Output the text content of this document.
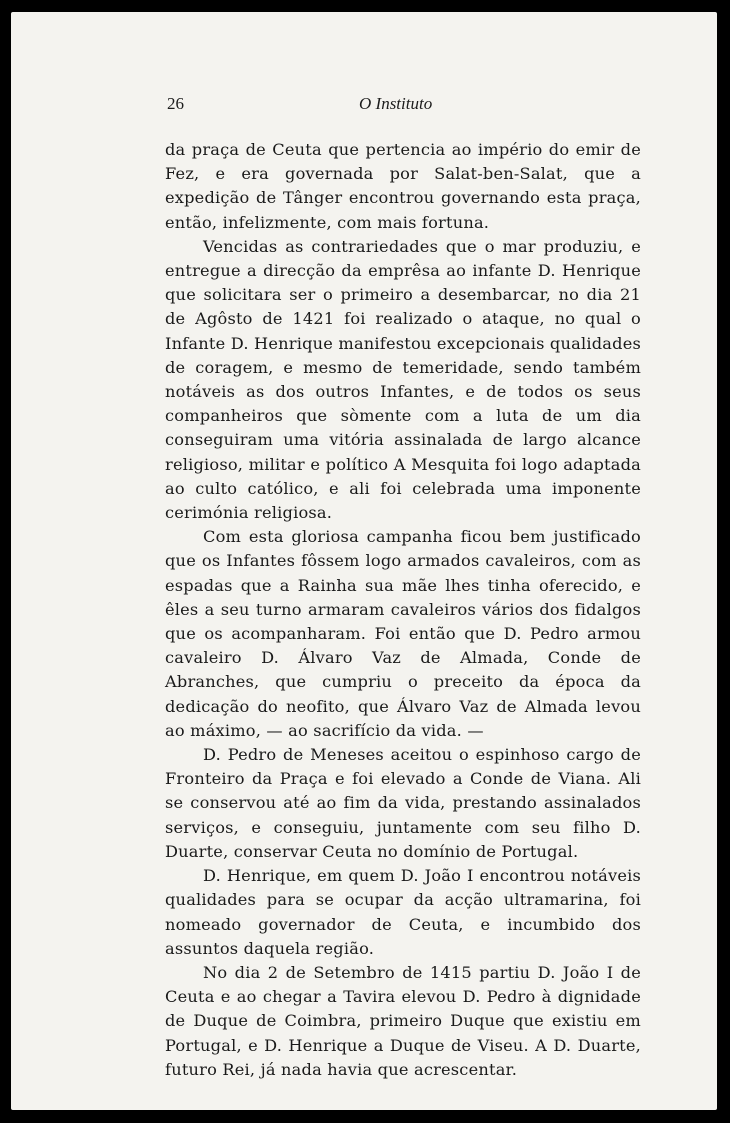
26	O Instituto

da praça de Ceuta que pertencia ao império do emir de Fez, e era governada por Salat-ben-Salat, que a expedição de Tânger encontrou governando esta praça, então, infelizmente, com mais fortuna.

Vencidas as contrariedades que o mar produziu, e entregue a direcção da emprêsa ao infante D. Henrique que solicitara ser o primeiro a desembarcar, no dia 21 de Agôsto de 1421 foi realizado o ataque, no qual o Infante D. Henrique manifestou excepcionais qualidades de coragem, e mesmo de temeridade, sendo também notáveis as dos outros Infantes, e de todos os seus companheiros que sòmente com a luta de um dia conseguiram uma vitória assinalada de largo alcance religioso, militar e político A Mesquita foi logo adaptada ao culto católico, e ali foi celebrada uma imponente cerimónia religiosa.

Com esta gloriosa campanha ficou bem justificado que os Infantes fôssem logo armados cavaleiros, com as espadas que a Rainha sua mãe lhes tinha oferecido, e êles a seu turno armaram cavaleiros vários dos fidalgos que os acompanharam. Foi então que D. Pedro armou cavaleiro D. Álvaro Vaz de Almada, Conde de Abranches, que cumpriu o preceito da época da dedicação do neofito, que Álvaro Vaz de Almada levou ao máximo, — ao sacrifício da vida. —

D. Pedro de Meneses aceitou o espinhoso cargo de Fronteiro da Praça e foi elevado a Conde de Viana. Ali se conservou até ao fim da vida, prestando assinalados serviços, e conseguiu, juntamente com seu filho D. Duarte, conservar Ceuta no domínio de Portugal.

D. Henrique, em quem D. João I encontrou notáveis qualidades para se ocupar da acção ultramarina, foi nomeado governador de Ceuta, e incumbido dos assuntos daquela região.

No dia 2 de Setembro de 1415 partiu D. João I de Ceuta e ao chegar a Tavira elevou D. Pedro à dignidade de Duque de Coimbra, primeiro Duque que existiu em Portugal, e D. Henrique a Duque de Viseu. A D. Duarte, futuro Rei, já nada havia que acrescentar.
